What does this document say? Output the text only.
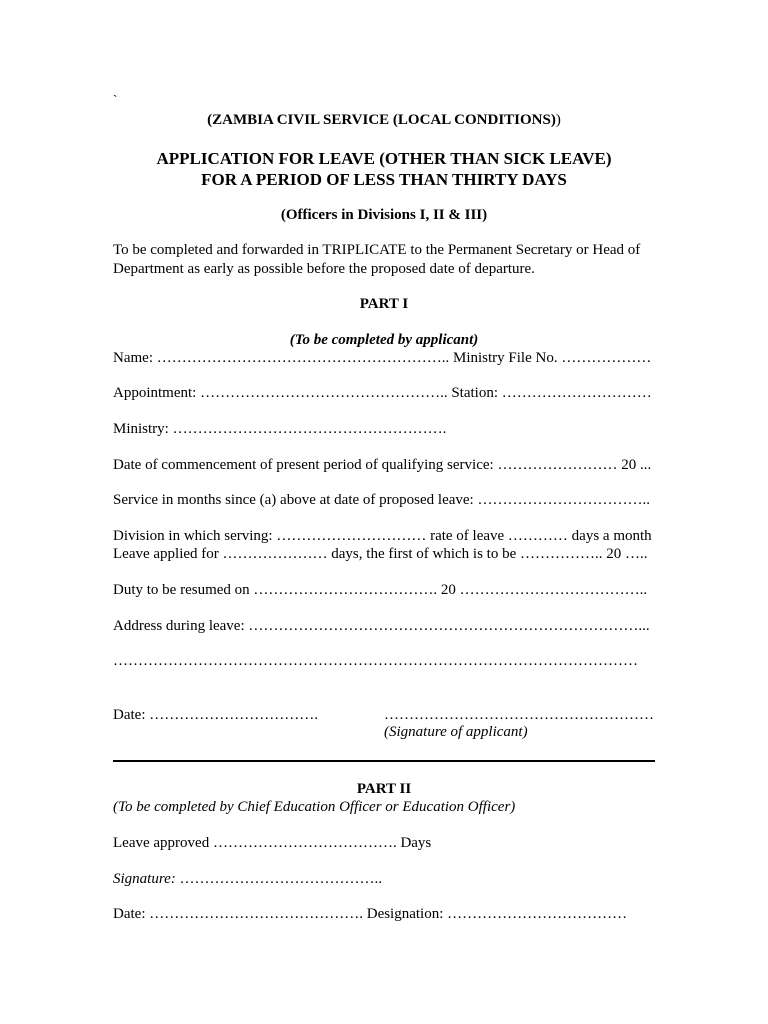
`
(ZAMBIA CIVIL SERVICE (LOCAL CONDITIONS))
APPLICATION FOR LEAVE (OTHER THAN SICK LEAVE)
FOR A PERIOD OF LESS THAN THIRTY DAYS
(Officers in Divisions I, II & III)
To be completed and forwarded in TRIPLICATE to the Permanent Secretary or Head of
Department as early as possible before the proposed date of departure.
PART I
(To be completed by applicant)
Name: ………………………………………………….. Ministry File No. ………………
Appointment: ………………………………………….. Station: …………………………
Ministry: ……………………………………………….
Date of commencement of present period of qualifying service: …………………… 20 ...
Service in months since (a) above at date of proposed leave: ……………………………..
Division in which serving: ………………………… rate of leave ………… days a month
Leave applied for ………………… days, the first of which is to be …………….. 20 …..
Duty to be resumed on ………………………………. 20 ………………………………..
Address during leave: ……………………………………………………………………...
……………………………………………………………………………………………
Date: …………………………….	………………………………………………
(Signature of applicant)
PART II
(To be completed by Chief Education Officer or Education Officer)
Leave approved ………………………………. Days
Signature: …………………………………..
Date: ……………………………………. Designation: ………………………………
